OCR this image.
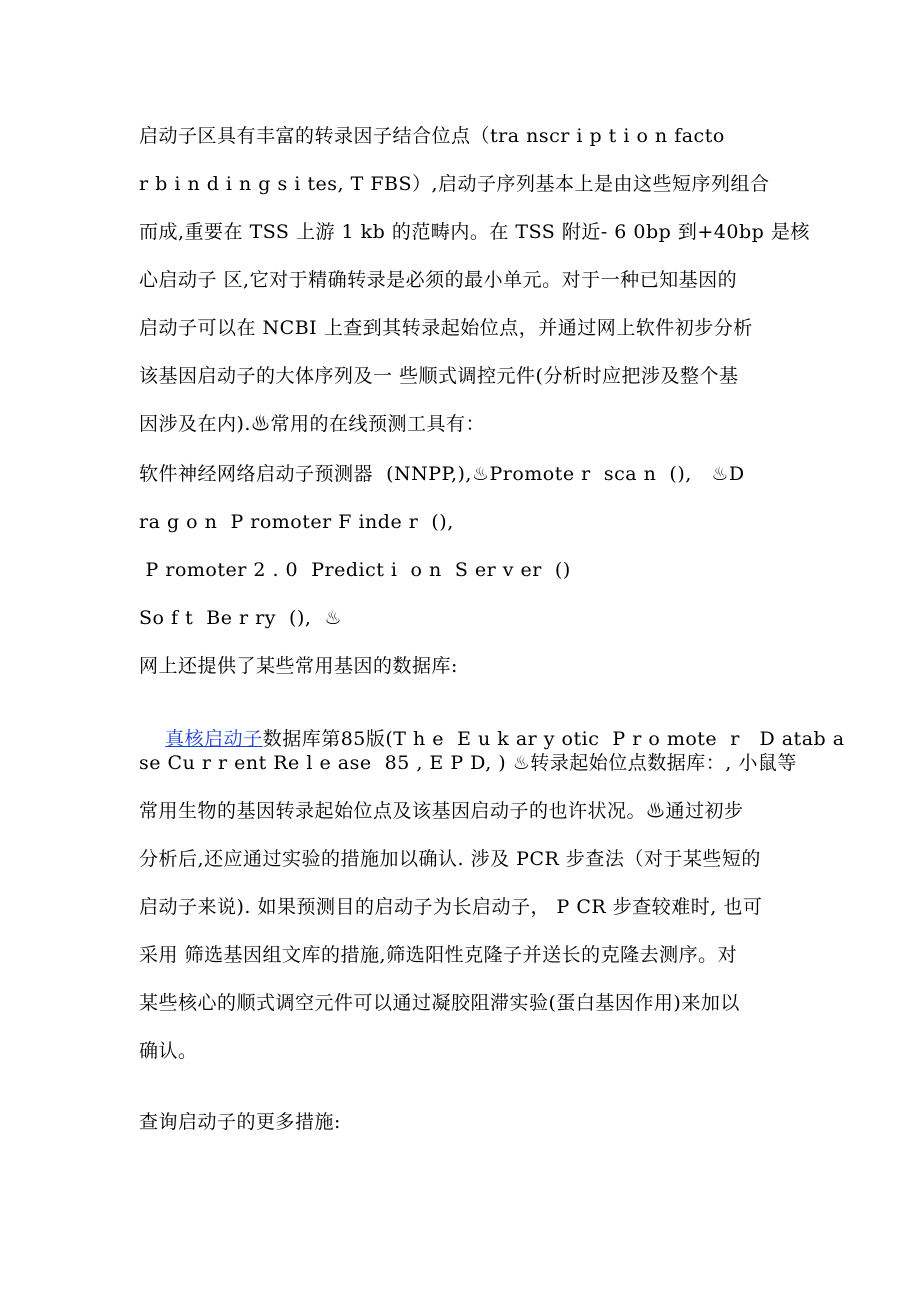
启动子区具有丰富的转录因子结合位点（tra nscr i p t i o n facto
r b i n d i n g s i tes, T FBS）,启动子序列基本上是由这些短序列组合
而成,重要在 TSS 上游 1 kb 的范畴内。在 TSS 附近- 6 0bp 到+40bp 是核
心启动子 区,它对于精确转录是必须的最小单元。对于一种已知基因的
启动子可以在 NCBI 上查到其转录起始位点，并通过网上软件初步分析
该基因启动子的大体序列及一 些顺式调控元件(分析时应把涉及整个基
因涉及在内).♨常用的在线预测工具有：
软件神经网络启动子预测器  (NNPP,),♨Promote r  sca n  (),   ♨D
ra g o n  P romoter F inde r  (),
P romoter 2 . 0  Predict i  o n  S er v er  ()
So f t  Be r ry  (),  ♨
网上还提供了某些常用基因的数据库:

真核启动子数据库第85版(T h e  E u k ar y otic  P r o mote  r   D atab a

se Cu r r ent Re l e ase  85 , E P D, ) ♨转录起始位点数据库：, 小鼠等
常用生物的基因转录起始位点及该基因启动子的也许状况。♨通过初步
分析后,还应通过实验的措施加以确认. 涉及 PCR 步查法（对于某些短的
启动子来说). 如果预测目的启动子为长启动子， P CR 步查较难时, 也可
采用 筛选基因组文库的措施,筛选阳性克隆子并送长的克隆去测序。对
某些核心的顺式调空元件可以通过凝胶阻滞实验(蛋白基因作用)来加以
确认。
查询启动子的更多措施:
